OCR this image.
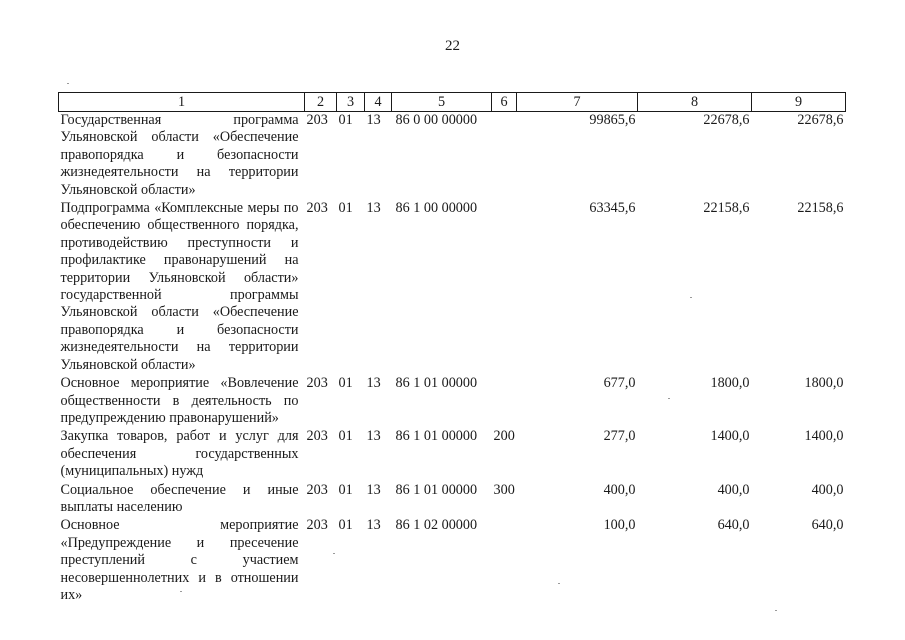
22
1	2	3	4	5	6	7	8	9
Государственная программа Ульяновской области «Обеспечение правопорядка и безопасности жизнедеятельности на территории Ульяновской области»	203	01	13	86 0 00 00000		99865,6	22678,6	22678,6
Подпрограмма «Комплексные меры по обеспечению общественного порядка, противодействию преступности и профилактике правонарушений на территории Ульяновской области» государственной программы Ульяновской области «Обеспечение правопорядка и безопасности жизнедеятельности на территории Ульяновской области»	203	01	13	86 1 00 00000		63345,6	22158,6	22158,6
Основное мероприятие «Вовлечение общественности в деятельность по предупреждению правонарушений»	203	01	13	86 1 01 00000		677,0	1800,0	1800,0
Закупка товаров, работ и услуг для обеспечения государственных (муниципальных) нужд	203	01	13	86 1 01 00000	200	277,0	1400,0	1400,0
Социальное обеспечение и иные выплаты населению	203	01	13	86 1 01 00000	300	400,0	400,0	400,0
Основное мероприятие «Предупреждение и пресечение преступлений с участием несовершеннолетних и в отношении их»	203	01	13	86 1 02 00000		100,0	640,0	640,0
